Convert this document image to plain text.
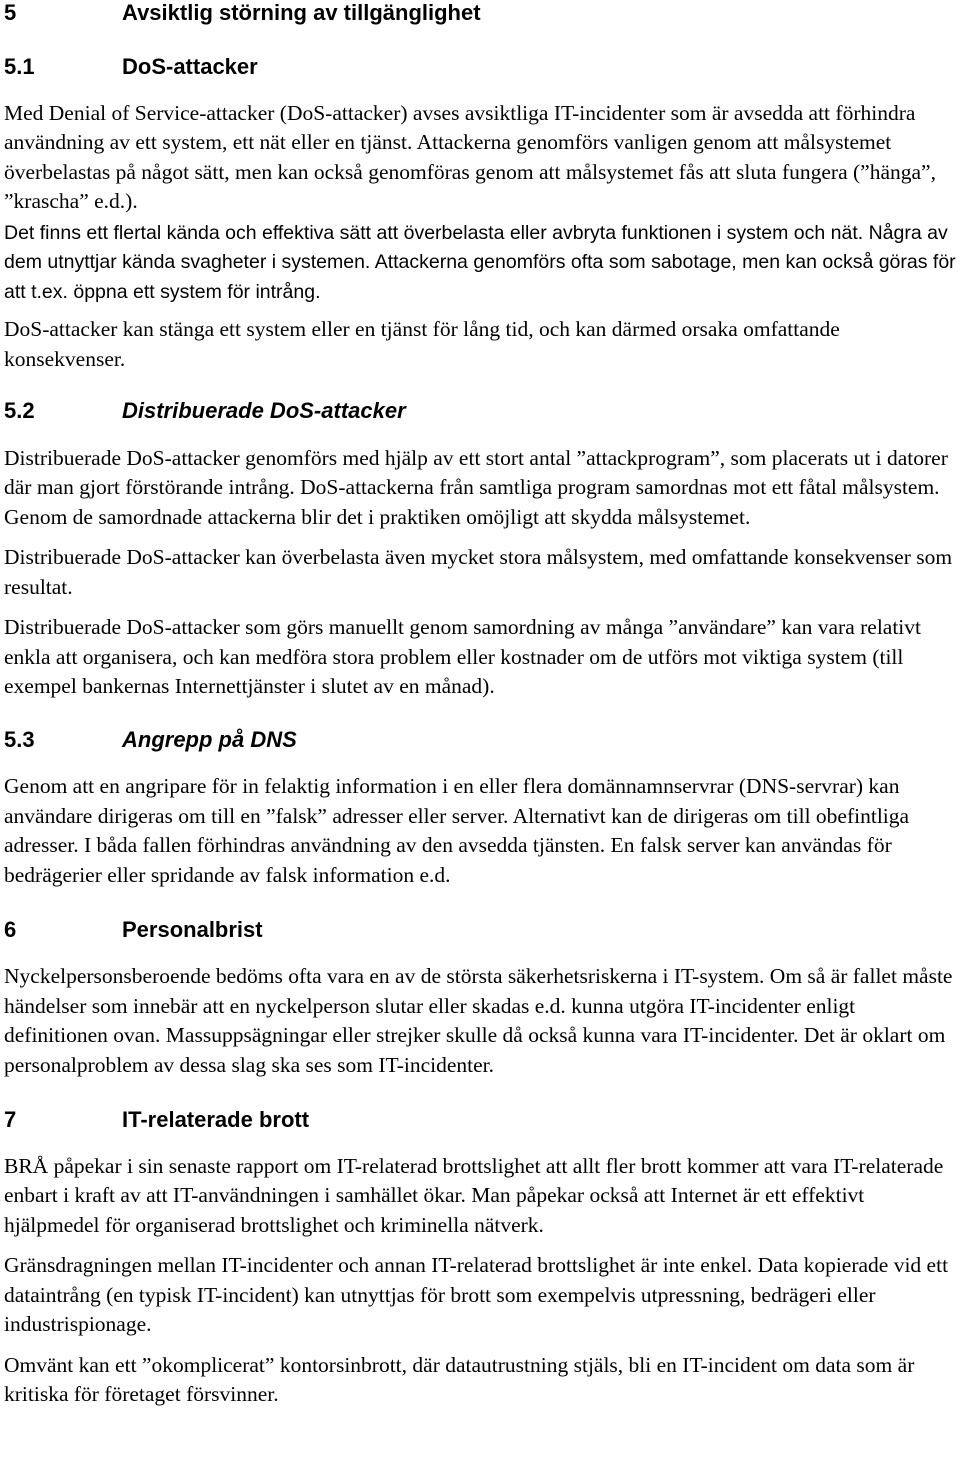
5	Avsiktlig störning av tillgänglighet
5.1	DoS-attacker

Med Denial of Service-attacker (DoS-attacker) avses avsiktliga IT-incidenter som är avsedda att förhindra användning av ett system, ett nät eller en tjänst. Attackerna genomförs vanligen genom att målsystemet överbelastas på något sätt, men kan också genomföras genom att målsystemet fås att sluta fungera (”hänga”, ”krascha” e.d.).

Det finns ett flertal kända och effektiva sätt att överbelasta eller avbryta funktionen i system och nät. Några av dem utnyttjar kända svagheter i systemen. Attackerna genomförs ofta som sabotage, men kan också göras för att t.ex. öppna ett system för intrång.

DoS-attacker kan stänga ett system eller en tjänst för lång tid, och kan därmed orsaka omfattande konsekvenser.

5.2	Distribuerade DoS-attacker

Distribuerade DoS-attacker genomförs med hjälp av ett stort antal ”attackprogram”, som placerats ut i datorer där man gjort förstörande intrång. DoS-attackerna från samtliga program samordnas mot ett fåtal målsystem. Genom de samordnade attackerna blir det i praktiken omöjligt att skydda målsystemet.

Distribuerade DoS-attacker kan överbelasta även mycket stora målsystem, med omfattande konsekvenser som resultat.

Distribuerade DoS-attacker som görs manuellt genom samordning av många ”användare” kan vara relativt enkla att organisera, och kan medföra stora problem eller kostnader om de utförs mot viktiga system (till exempel bankernas Internettjänster i slutet av en månad).

5.3	Angrepp på DNS

Genom att en angripare för in felaktig information i en eller flera domännamnservrar (DNS-servrar) kan användare dirigeras om till en ”falsk” adresser eller server. Alternativt kan de dirigeras om till obefintliga adresser. I båda fallen förhindras användning av den avsedda tjänsten. En falsk server kan användas för bedrägerier eller spridande av falsk information e.d.

6	Personalbrist

Nyckelpersonsberoende bedöms ofta vara en av de största säkerhetsriskerna i IT-system. Om så är fallet måste händelser som innebär att en nyckelperson slutar eller skadas e.d. kunna utgöra IT-incidenter enligt definitionen ovan. Massuppsägningar eller strejker skulle då också kunna vara IT-incidenter. Det är oklart om personalproblem av dessa slag ska ses som IT-incidenter.

7	IT-relaterade brott

BRÅ påpekar i sin senaste rapport om IT-relaterad brottslighet att allt fler brott kommer att vara IT-relaterade enbart i kraft av att IT-användningen i samhället ökar. Man påpekar också att Internet är ett effektivt hjälpmedel för organiserad brottslighet och kriminella nätverk.

Gränsdragningen mellan IT-incidenter och annan IT-relaterad brottslighet är inte enkel. Data kopierade vid ett dataintrång (en typisk IT-incident) kan utnyttjas för brott som exempelvis utpressning, bedrägeri eller industrispionage.

Omvänt kan ett ”okomplicerat” kontorsinbrott, där datautrustning stjäls, bli en IT-incident om data som är kritiska för företaget försvinner.
